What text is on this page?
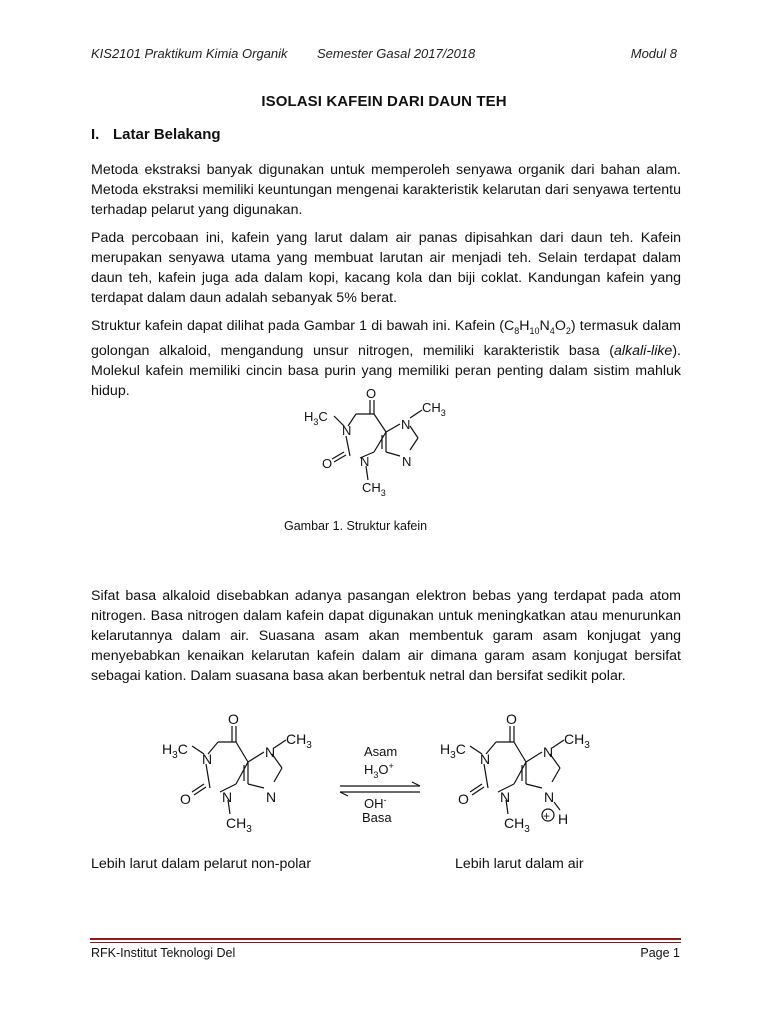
KIS2101 Praktikum Kimia Organik Semester Gasal 2017/2018	Modul 8
ISOLASI KAFEIN DARI DAUN TEH
I. Latar Belakang

Metoda ekstraksi banyak digunakan untuk memperoleh senyawa organik dari bahan alam. Metoda ekstraksi memiliki keuntungan mengenai karakteristik kelarutan dari senyawa tertentu terhadap pelarut yang digunakan.

Pada percobaan ini, kafein yang larut dalam air panas dipisahkan dari daun teh. Kafein merupakan senyawa utama yang membuat larutan air menjadi teh. Selain terdapat dalam daun teh, kafein juga ada dalam kopi, kacang kola dan biji coklat. Kandungan kafein yang terdapat dalam daun adalah sebanyak 5% berat.

Struktur kafein dapat dilihat pada Gambar 1 di bawah ini. Kafein $(C_8H_{10}N_4O_2)$ termasuk dalam golongan alkaloid, mengandung unsur nitrogen, memiliki karakteristik basa (alkali-like). Molekul kafein memiliki cincin basa purin yang memiliki peran penting dalam sistim mahluk hidup.	O
N	N
N
N
O
$H_3C$
$CH_3$
$CH_3$
Gambar 1. Struktur kafein

Sifat basa alkaloid disebabkan adanya pasangan elektron bebas yang terdapat pada atom nitrogen. Basa nitrogen dalam kafein dapat digunakan untuk meningkatkan atau menurunkan kelarutannya dalam air. Suasana asam akan membentuk garam asam konjugat yang menyebabkan kenaikan kelarutan kafein dalam air dimana garam asam konjugat bersifat sebagai kation. Dalam suasana basa akan berbentuk netral dan bersifat sedikit polar.

O
N	N
N
N
O
$H_3C$
$CH_3$
$CH_3$
Asam
$H_3O^+$
OH-
Basa
O
N	N
N
N
O
H
+
$H_3C$
$CH_3$
$CH_3$
Lebih larut dalam pelarut non-polar	Lebih larut dalam air
RFK-Institut Teknologi Del	Page 1
